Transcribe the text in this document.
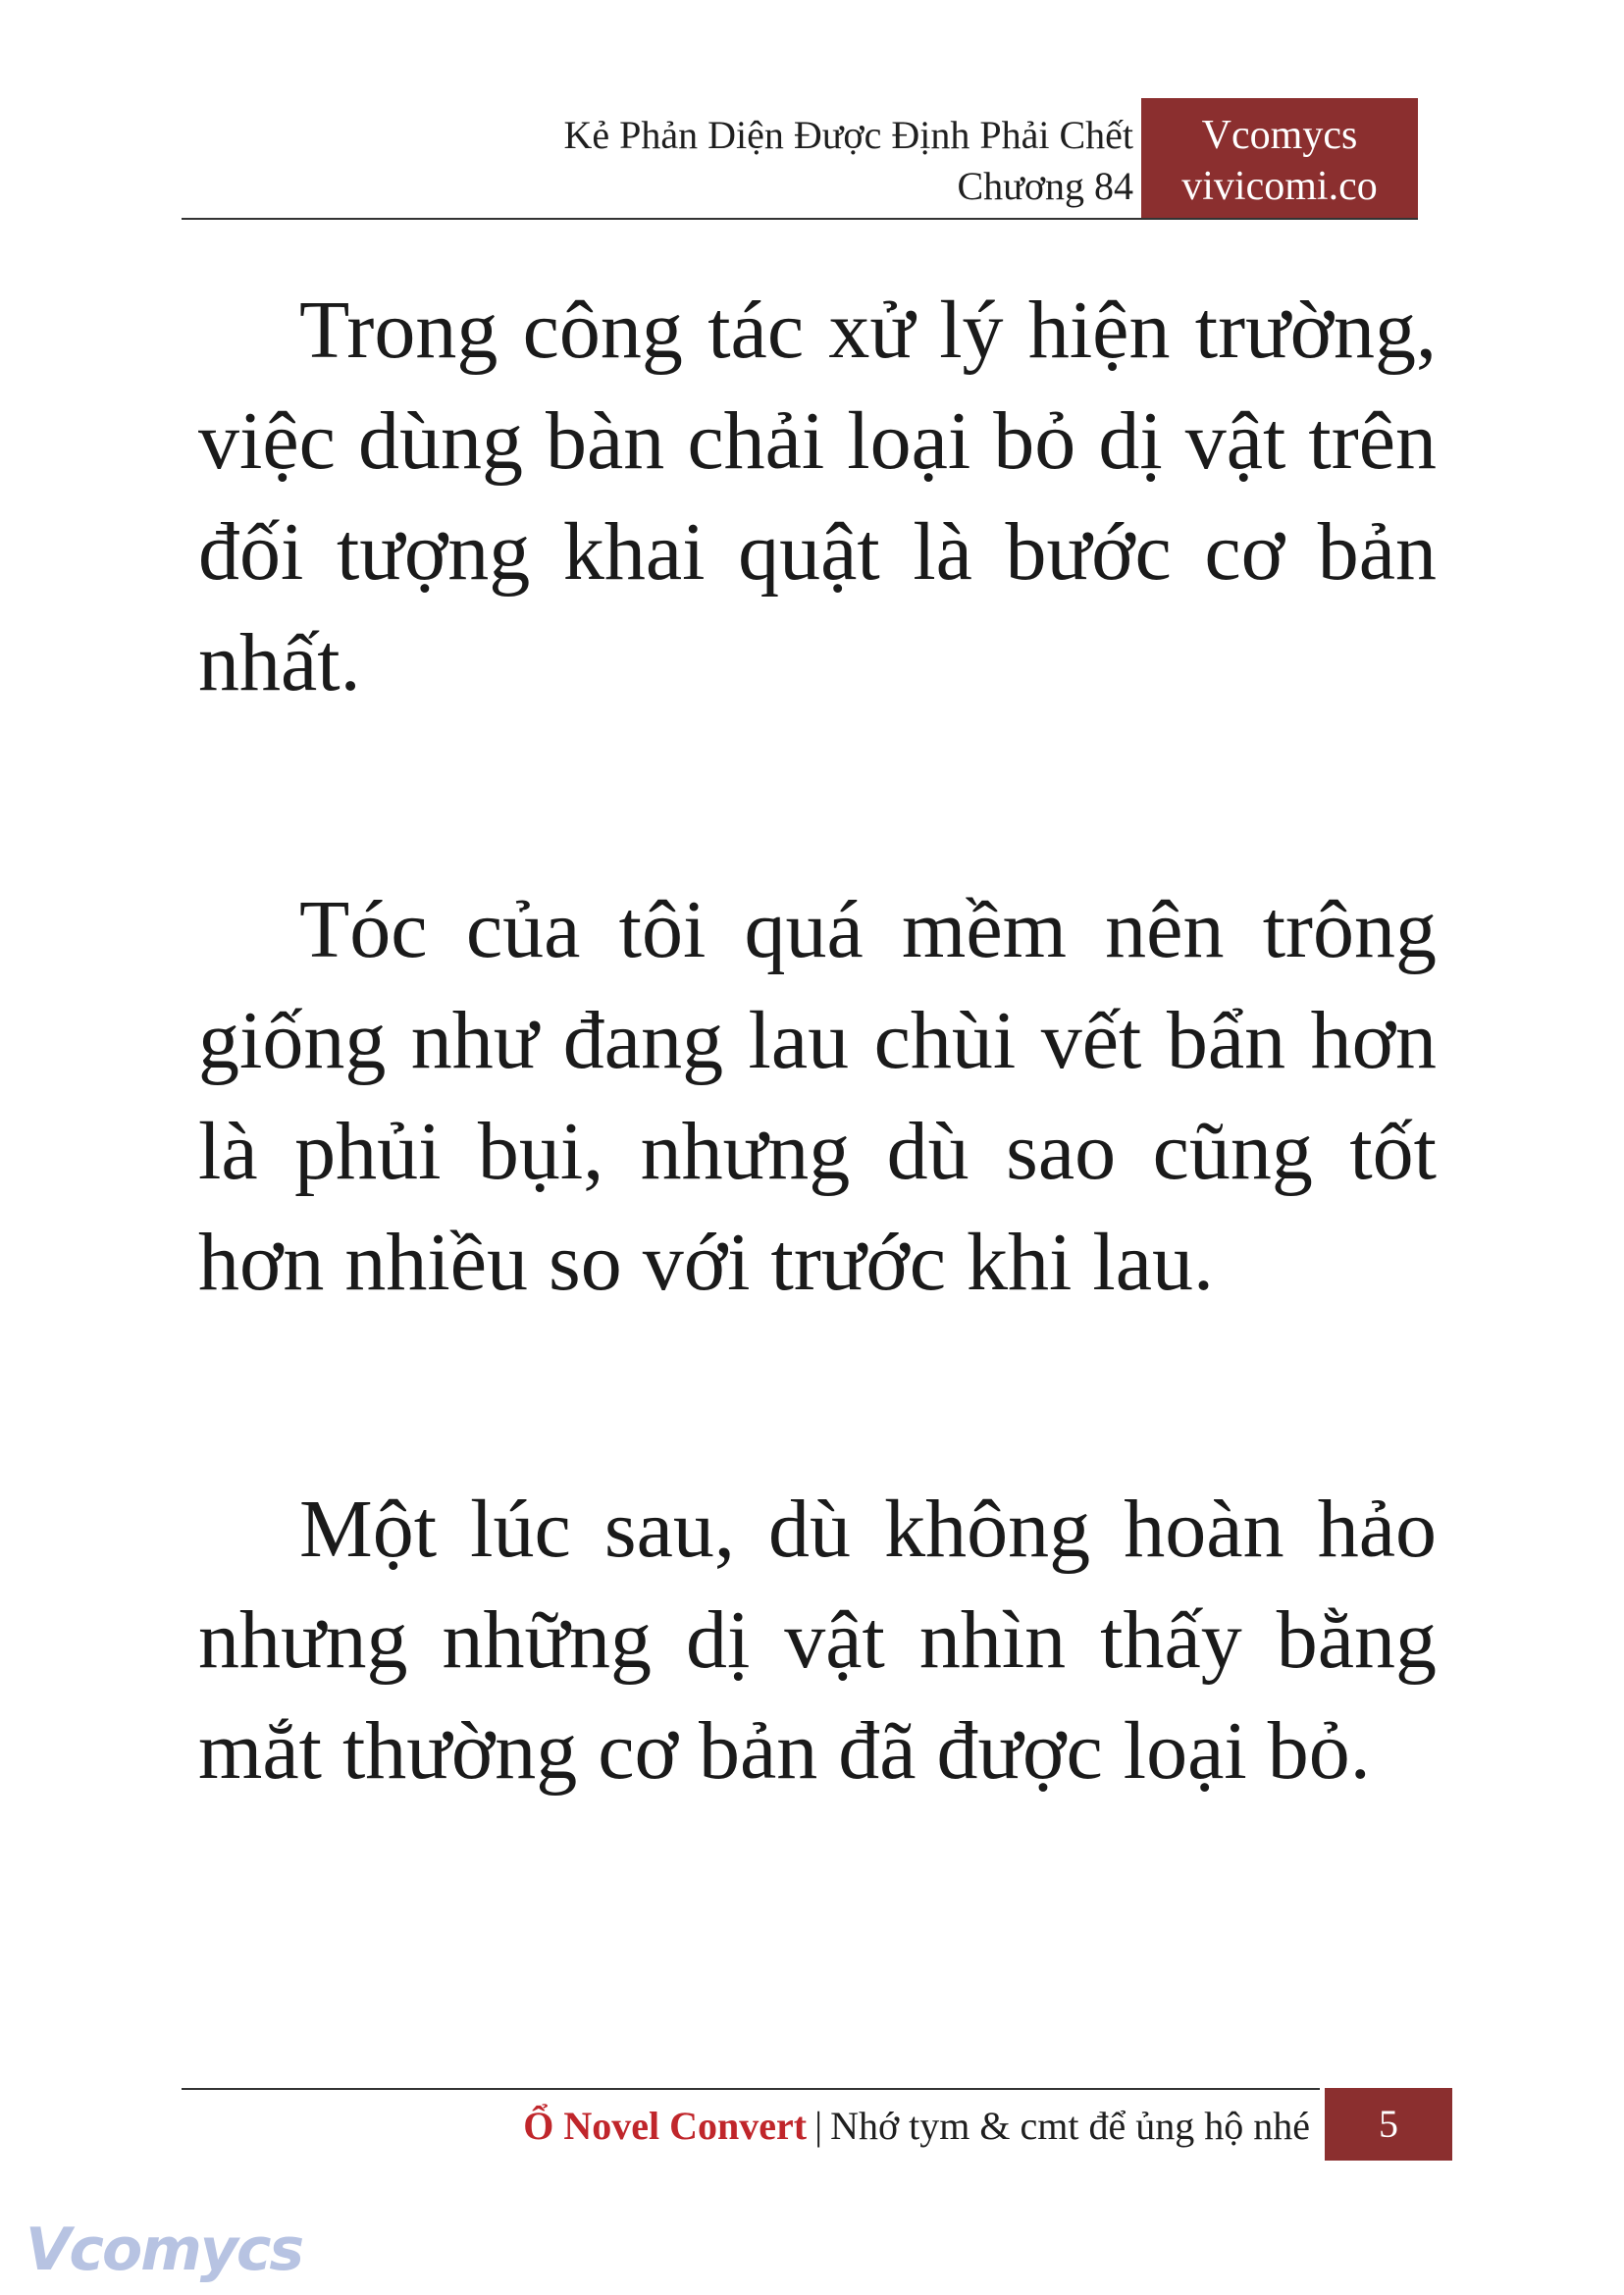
Kẻ Phản Diện Được Định Phải Chết
Chương 84
Vcomycs
vivicomi.co

Trong công tác xử lý hiện trường, việc dùng bàn chải loại bỏ dị vật trên đối tượng khai quật là bước cơ bản nhất.

Tóc của tôi quá mềm nên trông giống như đang lau chùi vết bẩn hơn là phủi bụi, nhưng dù sao cũng tốt hơn nhiều so với trước khi lau.

Một lúc sau, dù không hoàn hảo nhưng những dị vật nhìn thấy bằng mắt thường cơ bản đã được loại bỏ.

Ổ Novel Convert | Nhớ tym & cmt để ủng hộ nhé	5
Vcomycs
